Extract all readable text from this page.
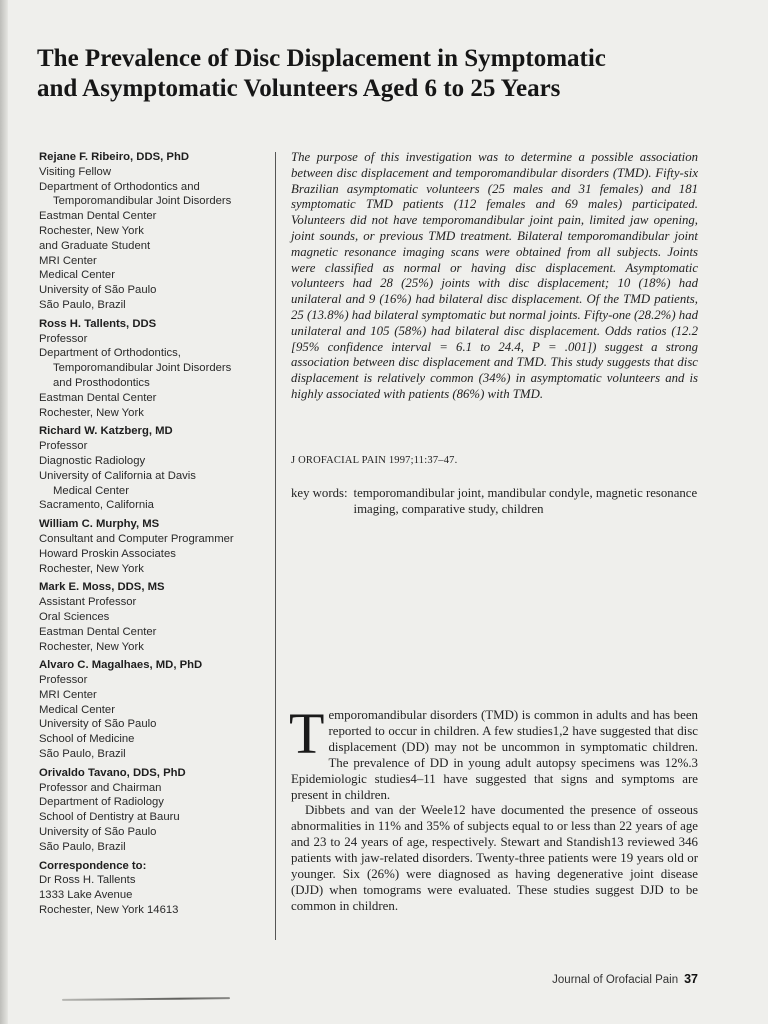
The Prevalence of Disc Displacement in Symptomatic
and Asymptomatic Volunteers Aged 6 to 25 Years
Rejane F. Ribeiro, DDS, PhD
Visiting Fellow
Department of Orthodontics and
Temporomandibular Joint Disorders
Eastman Dental Center
Rochester, New York
and Graduate Student
MRI Center
Medical Center
University of São Paulo
São Paulo, Brazil
Ross H. Tallents, DDS
Professor
Department of Orthodontics,
Temporomandibular Joint Disorders
and Prosthodontics
Eastman Dental Center
Rochester, New York
Richard W. Katzberg, MD
Professor
Diagnostic Radiology
University of California at Davis
Medical Center
Sacramento, California
William C. Murphy, MS
Consultant and Computer Programmer
Howard Proskin Associates
Rochester, New York
Mark E. Moss, DDS, MS
Assistant Professor
Oral Sciences
Eastman Dental Center
Rochester, New York
Alvaro C. Magalhaes, MD, PhD
Professor
MRI Center
Medical Center
University of São Paulo
School of Medicine
São Paulo, Brazil
Orivaldo Tavano, DDS, PhD
Professor and Chairman
Department of Radiology
School of Dentistry at Bauru
University of São Paulo
São Paulo, Brazil
Correspondence to:
Dr Ross H. Tallents
1333 Lake Avenue
Rochester, New York 14613

The purpose of this investigation was to determine a possible association between disc displacement and temporomandibular disorders (TMD). Fifty-six Brazilian asymptomatic volunteers (25 males and 31 females) and 181 symptomatic TMD patients (112 females and 69 males) participated. Volunteers did not have temporomandibular joint pain, limited jaw opening, joint sounds, or previous TMD treatment. Bilateral temporomandibular joint magnetic resonance imaging scans were obtained from all subjects. Joints were classified as normal or having disc displacement. Asymptomatic volunteers had 28 (25%) joints with disc displacement; 10 (18%) had unilateral and 9 (16%) had bilateral disc displacement. Of the TMD patients, 25 (13.8%) had bilateral symptomatic but normal joints. Fifty-one (28.2%) had unilateral and 105 (58%) had bilateral disc displacement. Odds ratios (12.2 [95% confidence interval = 6.1 to 24.4, P = .001]) suggest a strong association between disc displacement and TMD. This study suggests that disc displacement is relatively common (34%) in asymptomatic volunteers and is highly associated with patients (86%) with TMD.

J OROFACIAL PAIN 1997;11:37–47.
key words: temporomandibular joint, mandibular condyle, magnetic resonance imaging, comparative study, children

Temporomandibular disorders (TMD) is common in adults and has been reported to occur in children. A few studies1,2 have suggested that disc displacement (DD) may not be uncommon in symptomatic children. The prevalence of DD in young adult autopsy specimens was 12%.3 Epidemiologic studies4–11 have suggested that signs and symptoms are present in children.

Dibbets and van der Weele12 have documented the presence of osseous abnormalities in 11% and 35% of subjects equal to or less than 22 years of age and 23 to 24 years of age, respectively. Stewart and Standish13 reviewed 346 patients with jaw-related disorders. Twenty-three patients were 19 years old or younger. Six (26%) were diagnosed as having degenerative joint disease (DJD) when tomograms were evaluated. These studies suggest DJD to be common in children.

Journal of Orofacial Pain 37
